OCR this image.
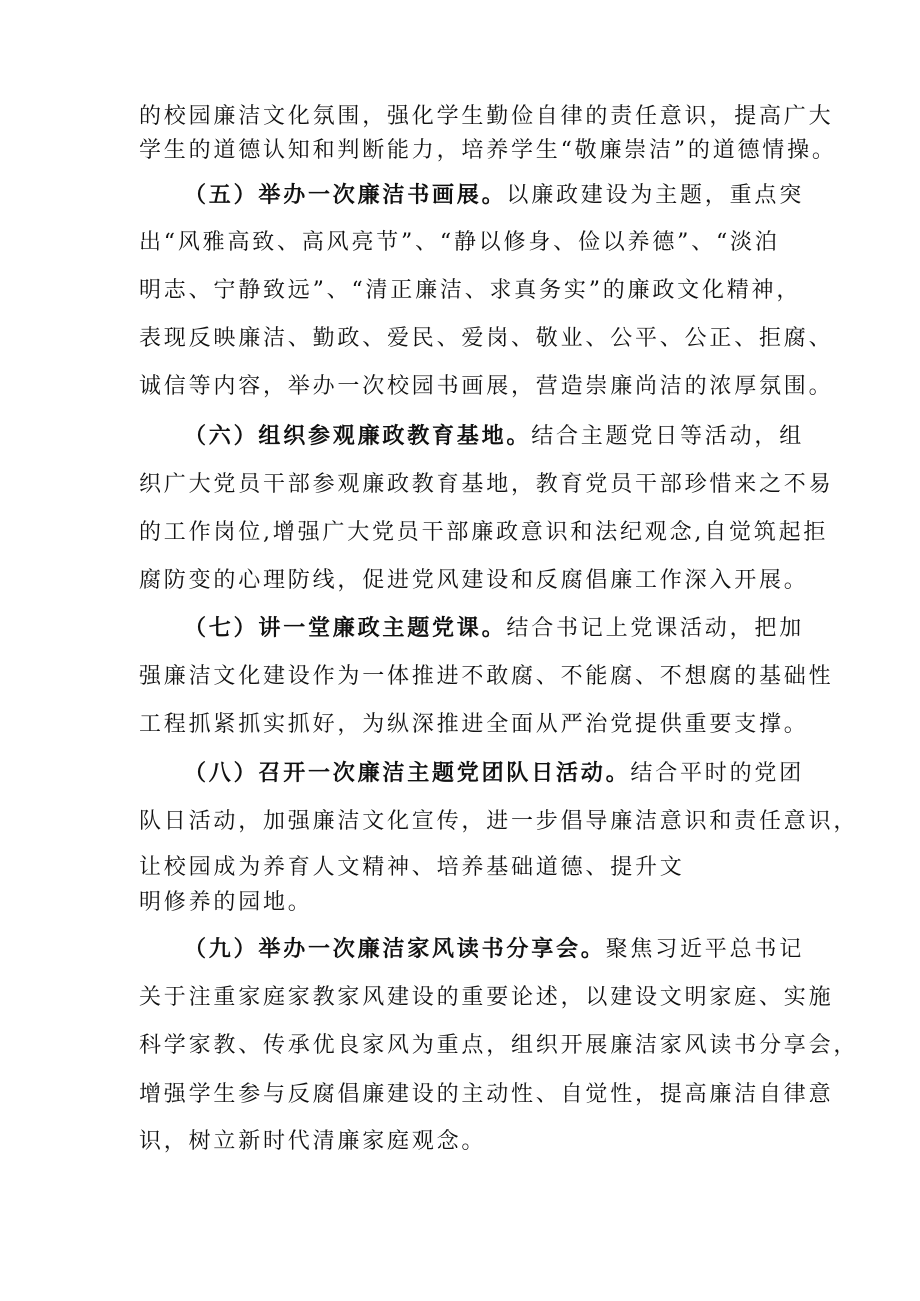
的校园廉洁文化氛围，强化学生勤俭自律的责任意识，提高广大
学生的道德认知和判断能力，培养学生“敬廉崇洁”的道德情操。
（五）举办一次廉洁书画展。以廉政建设为主题，重点突
出“风雅高致、高风亮节”、“静以修身、俭以养德”、“淡泊
明志、宁静致远”、“清正廉洁、求真务实”的廉政文化精神，
表现反映廉洁、勤政、爱民、爱岗、敬业、公平、公正、拒腐、
诚信等内容，举办一次校园书画展，营造崇廉尚洁的浓厚氛围。
（六）组织参观廉政教育基地。结合主题党日等活动，组
织广大党员干部参观廉政教育基地，教育党员干部珍惜来之不易
的工作岗位,增强广大党员干部廉政意识和法纪观念,自觉筑起拒
腐防变的心理防线，促进党风建设和反腐倡廉工作深入开展。
（七）讲一堂廉政主题党课。结合书记上党课活动，把加
强廉洁文化建设作为一体推进不敢腐、不能腐、不想腐的基础性
工程抓紧抓实抓好，为纵深推进全面从严治党提供重要支撑。
（八）召开一次廉洁主题党团队日活动。结合平时的党团
队日活动，加强廉洁文化宣传，进一步倡导廉洁意识和责任意识，
让校园成为养育人文精神、培养基础道德、提升文
明修养的园地。
（九）举办一次廉洁家风读书分享会。聚焦习近平总书记
关于注重家庭家教家风建设的重要论述，以建设文明家庭、实施
科学家教、传承优良家风为重点，组织开展廉洁家风读书分享会，
增强学生参与反腐倡廉建设的主动性、自觉性，提高廉洁自律意
识，树立新时代清廉家庭观念。
